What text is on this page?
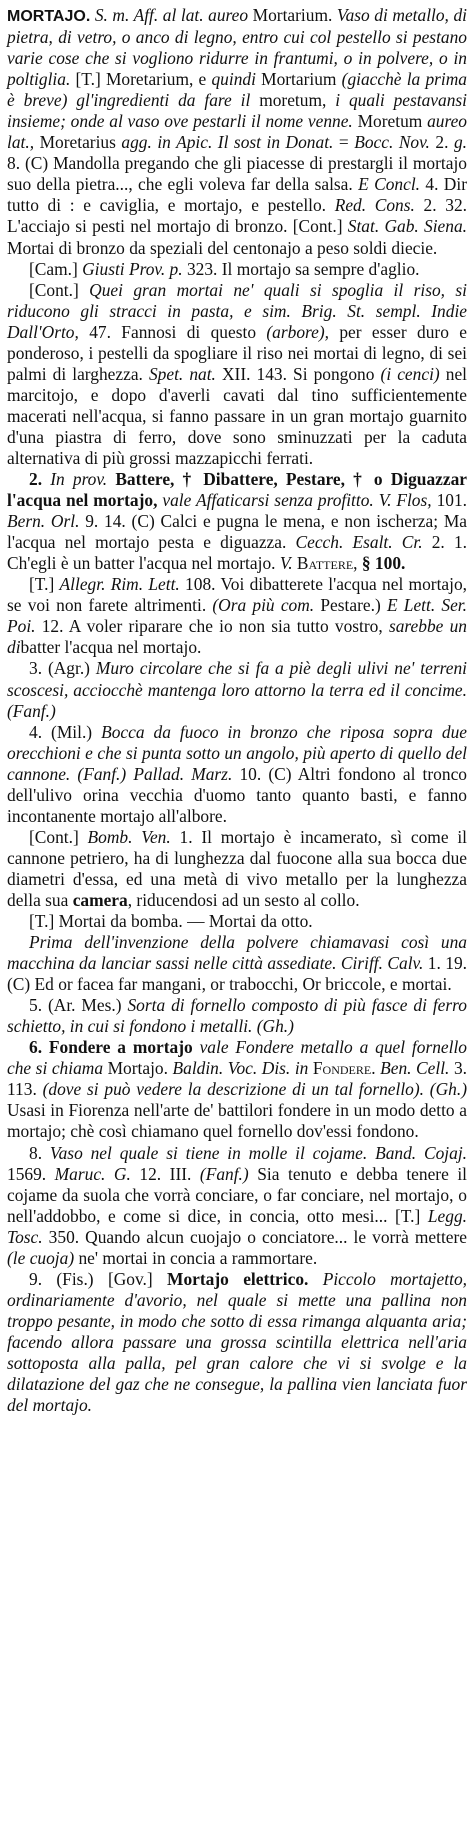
MORTAJO. S. m. Aff. al lat. aureo Mortarium. Vaso di metallo, di pietra, di vetro, o anco di legno, entro cui col pestello si pestano varie cose che si vogliono ridurre in frantumi, o in polvere, o in poltiglia. [T.] Moretarium, e quindi Mortarium (giacchè la prima è breve) gl'ingredienti da fare il moretum, i quali pestavansi insieme; onde al vaso ove pestarli il nome venne. Moretum aureo lat., Moretarius agg. in Apic. Il sost in Donat. = Bocc. Nov. 2. g. 8. (C) Mandolla pregando che gli piacesse di prestargli il mortajo suo della pietra..., che egli voleva far della salsa. E Concl. 4. Dir tutto di : e caviglia, e mortajo, e pestello. Red. Cons. 2. 32. L'acciajo si pesti nel mortajo di bronzo. [Cont.] Stat. Gab. Siena. Mortai di bronzo da speziali del centonajo a peso soldi diecie.

[Cam.] Giusti Prov. p. 323. Il mortajo sa sempre d'aglio.

[Cont.] Quei gran mortai ne' quali si spoglia il riso, si riducono gli stracci in pasta, e sim. Brig. St. sempl. Indie Dall'Orto, 47. Fannosi di questo (arbore), per esser duro e ponderoso, i pestelli da spogliare il riso nei mortai di legno, di sei palmi di larghezza. Spet. nat. XII. 143. Si pongono (i cenci) nel marcitojo, e dopo d'averli cavati dal tino sufficientemente macerati nell'acqua, si fanno passare in un gran mortajo guarnito d'una piastra di ferro, dove sono sminuzzati per la caduta alternativa di più grossi mazzapicchi ferrati.

2. In prov. Battere, † Dibattere, Pestare, † o Diguazzar l'acqua nel mortajo, vale Affaticarsi senza profitto. V. Flos, 101. Bern. Orl. 9. 14. (C) Calci e pugna le mena, e non ischerza; Ma l'acqua nel mortajo pesta e diguazza. Cecch. Esalt. Cr. 2. 1. Ch'egli è un batter l'acqua nel mortajo. V. Battere, § 100.

[T.] Allegr. Rim. Lett. 108. Voi dibatterete l'acqua nel mortajo, se voi non farete altrimenti. (Ora più com. Pestare.) E Lett. Ser. Poi. 12. A voler riparare che io non sia tutto vostro, sarebbe un dibatter l'acqua nel mortajo.

3. (Agr.) Muro circolare che si fa a piè degli ulivi ne' terreni scoscesi, acciocchè mantenga loro attorno la terra ed il concime. (Fanf.)

4. (Mil.) Bocca da fuoco in bronzo che riposa sopra due orecchioni e che si punta sotto un angolo, più aperto di quello del cannone. (Fanf.) Pallad. Marz. 10. (C) Altri fondono al tronco dell'ulivo orina vecchia d'uomo tanto quanto basti, e fanno incontanente mortajo all'albore.

[Cont.] Bomb. Ven. 1. Il mortajo è incamerato, sì come il cannone petriero, ha di lunghezza dal fuocone alla sua bocca due diametri d'essa, ed una metà di vivo metallo per la lunghezza della sua camera, riducendosi ad un sesto al collo.

[T.] Mortai da bomba. — Mortai da otto.

Prima dell'invenzione della polvere chiamavasi così una macchina da lanciar sassi nelle città assediate. Ciriff. Calv. 1. 19. (C) Ed or facea far mangani, or trabocchi, Or briccole, e mortai.

5. (Ar. Mes.) Sorta di fornello composto di più fasce di ferro schietto, in cui si fondono i metalli. (Gh.)

6. Fondere a mortajo vale Fondere metallo a quel fornello che si chiama Mortajo. Baldin. Voc. Dis. in Fondere. Ben. Cell. 3. 113. (dove si può vedere la descrizione di un tal fornello). (Gh.) Usasi in Fiorenza nell'arte de' battilori fondere in un modo detto a mortajo; chè così chiamano quel fornello dov'essi fondono.

8. Vaso nel quale si tiene in molle il cojame. Band. Cojaj. 1569. Maruc. G. 12. III. (Fanf.) Sia tenuto e debba tenere il cojame da suola che vorrà conciare, o far conciare, nel mortajo, o nell'addobbo, e come si dice, in concia, otto mesi... [T.] Legg. Tosc. 350. Quando alcun cuojajo o conciatore... le vorrà mettere (le cuoja) ne' mortai in concia a rammortare.

9. (Fis.) [Gov.] Mortajo elettrico. Piccolo mortajetto, ordinariamente d'avorio, nel quale si mette una pallina non troppo pesante, in modo che sotto di essa rimanga alquanta aria; facendo allora passare una grossa scintilla elettrica nell'aria sottoposta alla palla, pel gran calore che vi si svolge e la dilatazione del gaz che ne consegue, la pallina vien lanciata fuor del mortajo.
